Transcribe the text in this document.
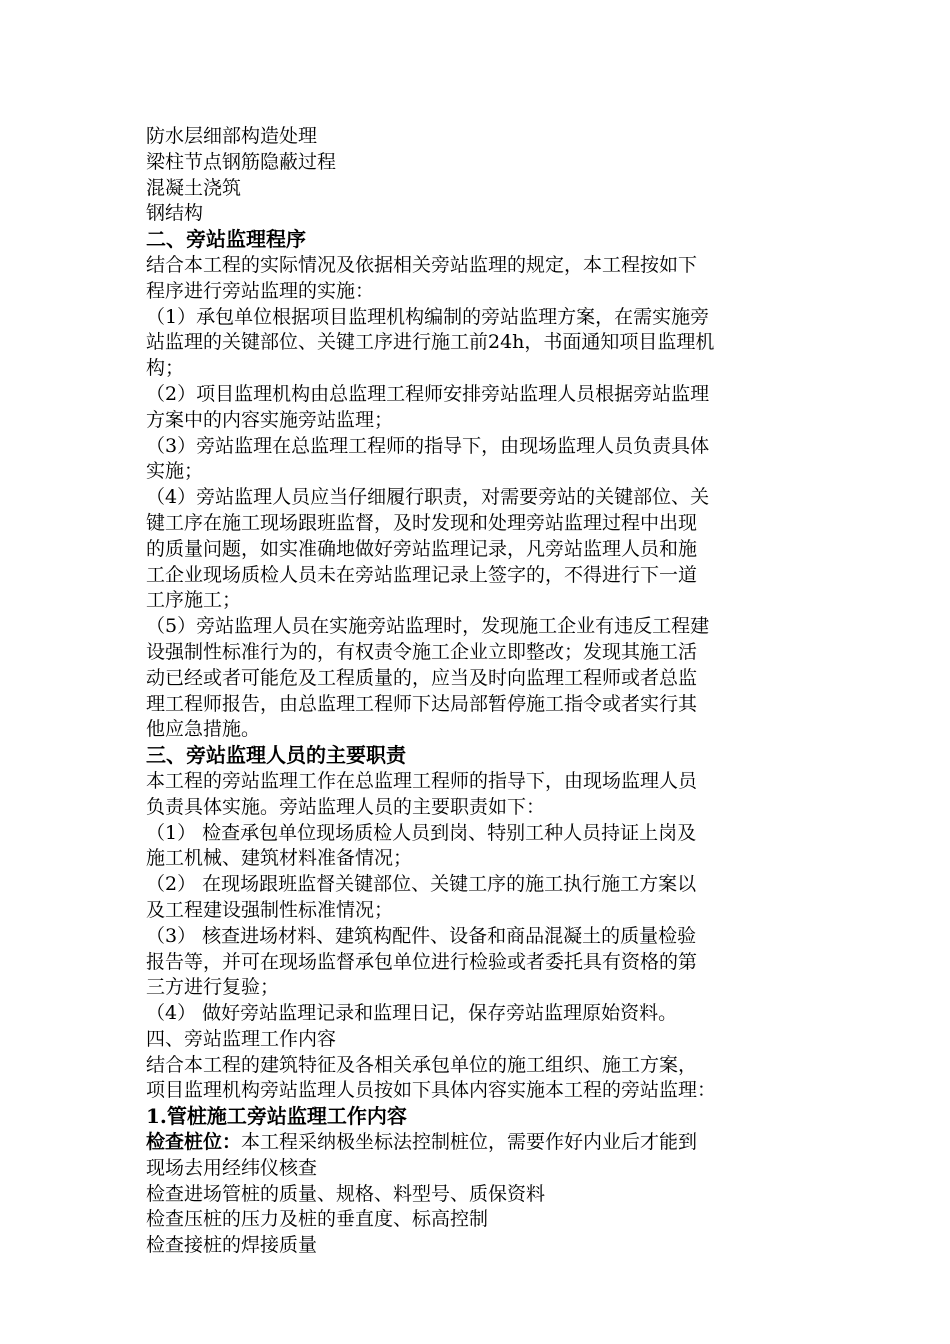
防水层细部构造处理
梁柱节点钢筋隐蔽过程
混凝土浇筑
钢结构
二、旁站监理程序
结合本工程的实际情况及依据相关旁站监理的规定，本工程按如下
程序进行旁站监理的实施：
（1）承包单位根据项目监理机构编制的旁站监理方案，在需实施旁
站监理的关键部位、关键工序进行施工前24h，书面通知项目监理机
构；
（2）项目监理机构由总监理工程师安排旁站监理人员根据旁站监理
方案中的内容实施旁站监理；
（3）旁站监理在总监理工程师的指导下，由现场监理人员负责具体
实施；
（4）旁站监理人员应当仔细履行职责，对需要旁站的关键部位、关
键工序在施工现场跟班监督，及时发现和处理旁站监理过程中出现
的质量问题，如实准确地做好旁站监理记录，凡旁站监理人员和施
工企业现场质检人员未在旁站监理记录上签字的，不得进行下一道
工序施工；
（5）旁站监理人员在实施旁站监理时，发现施工企业有违反工程建
设强制性标准行为的，有权责令施工企业立即整改；发现其施工活
动已经或者可能危及工程质量的，应当及时向监理工程师或者总监
理工程师报告，由总监理工程师下达局部暂停施工指令或者实行其
他应急措施。
三、旁站监理人员的主要职责
本工程的旁站监理工作在总监理工程师的指导下，由现场监理人员
负责具体实施。旁站监理人员的主要职责如下：
（1） 检查承包单位现场质检人员到岗、特别工种人员持证上岗及
施工机械、建筑材料准备情况；
（2） 在现场跟班监督关键部位、关键工序的施工执行施工方案以
及工程建设强制性标准情况；
（3） 核查进场材料、建筑构配件、设备和商品混凝土的质量检验
报告等，并可在现场监督承包单位进行检验或者委托具有资格的第
三方进行复验；
（4） 做好旁站监理记录和监理日记，保存旁站监理原始资料。
四、旁站监理工作内容
结合本工程的建筑特征及各相关承包单位的施工组织、施工方案，
项目监理机构旁站监理人员按如下具体内容实施本工程的旁站监理：
1.管桩施工旁站监理工作内容
检查桩位：本工程采纳极坐标法控制桩位，需要作好内业后才能到
现场去用经纬仪核查
检查进场管桩的质量、规格、料型号、质保资料
检查压桩的压力及桩的垂直度、标高控制
检查接桩的焊接质量
